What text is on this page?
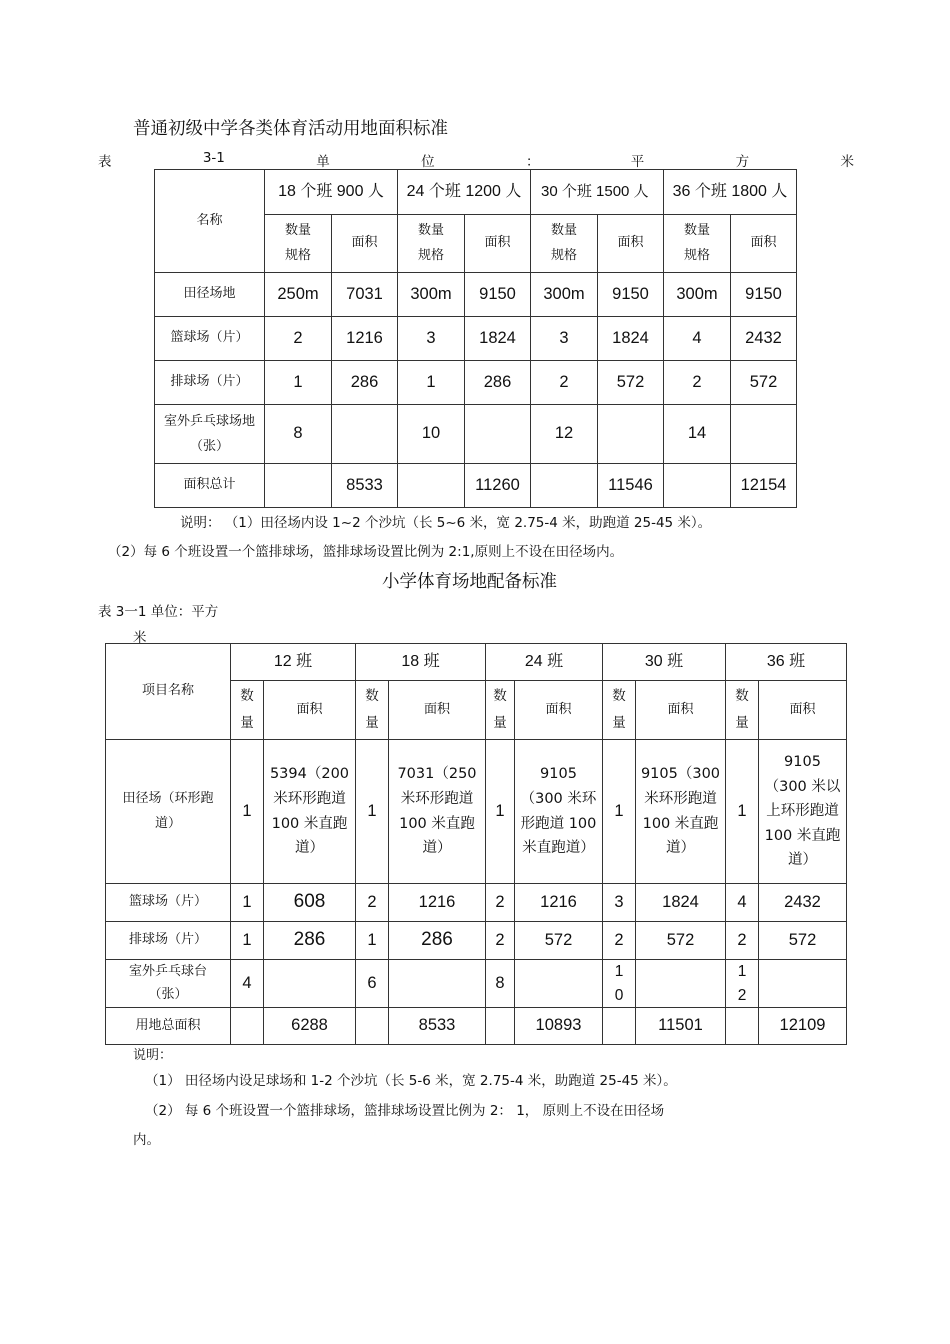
普通初级中学各类体育活动用地面积标准
表	3-1	单	位	：	平	方	米
名称	18 个班 900 人		24 个班 1200 人		30 个班 1500 人		36 个班 1800 人	
	数量规格	面积	数量规格	面积	数量规格	面积	数量规格	面积
田径场地	250m	7031	300m	9150	300m	9150	300m	9150
篮球场（片）	2	1216	3	1824	3	1824	4	2432
排球场（片）	1	286	1	286	2	572	2	572
室外乒乓球场地（张）	8		10		12		14	
面积总计		8533		11260		11546		12154
说明： （1）田径场内设 1~2 个沙坑（长 5~6 米，宽 2.75-4 米，助跑道 25-45 米）。
（2）每 6 个班设置一个篮排球场，篮排球场设置比例为 2:1,原则上不设在田径场内。
小学体育场地配备标准
表 3一1 单位：平方
米
项目名称	12 班		18 班		24 班		30 班		36 班	
	数量	面积	数量	面积	数量	面积	数量	面积	数量	面积
田径场（环形跑道）	1	5394（200 米环形跑道 100 米直跑道）	1	7031（250 米环形跑道 100 米直跑道）	1	9105（300 米环形跑道 100 米直跑道）	1	9105（300 米环形跑道 100 米直跑道）	1	9105（300 米以上环形跑道 100 米直跑道）
篮球场（片）	1	608	2	1216	2	1216	3	1824	4	2432
排球场（片）	1	286	1	286	2	572	2	572	2	572
室外乒乓球台（张）	4		6		8		10		12	
用地总面积		6288		8533		10893		11501		12109
说明：
（1） 田径场内设足球场和 1-2 个沙坑（长 5-6 米，宽 2.75-4 米，助跑道 25-45 米）。
（2） 每 6 个班设置一个篮排球场，篮排球场设置比例为 2： 1， 原则上不设在田径场
内。
